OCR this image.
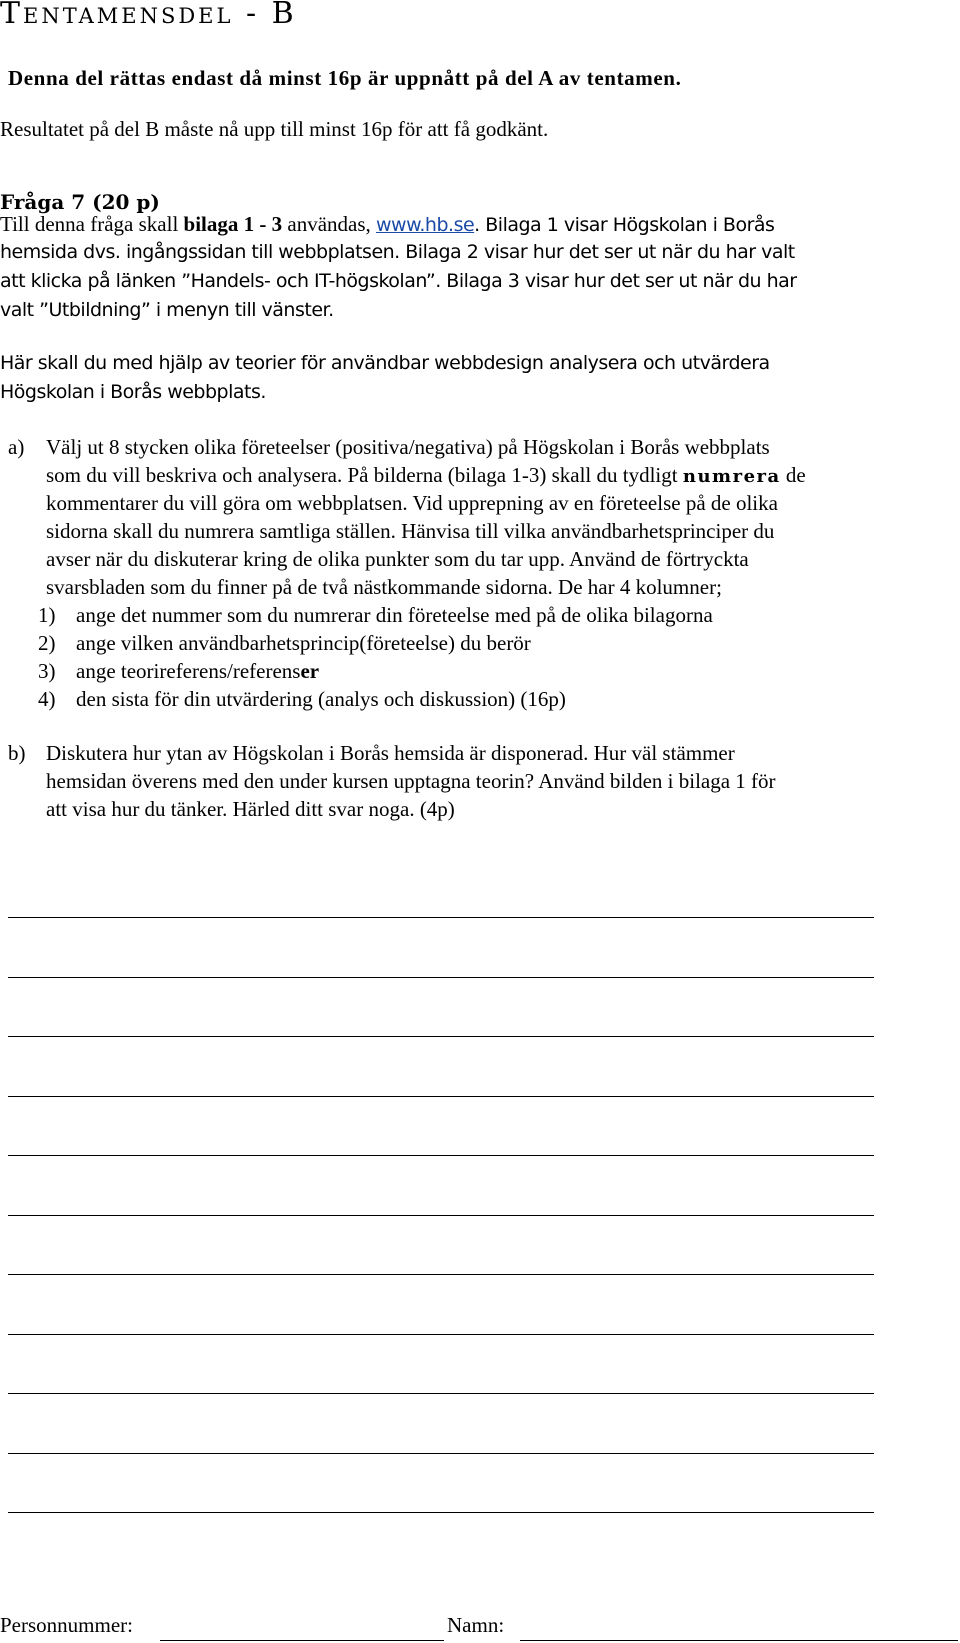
Tentamensdel - B
Denna del rättas endast då minst 16p är uppnått på del A av tentamen.
Resultatet på del B måste nå upp till minst 16p för att få godkänt.
Fråga 7 (20 p)
Till denna fråga skall bilaga 1 - 3 användas, www.hb.se. Bilaga 1 visar Högskolan i Borås
hemsida dvs. ingångssidan till webbplatsen. Bilaga 2 visar hur det ser ut när du har valt
att klicka på länken ”Handels- och IT-högskolan”. Bilaga 3 visar hur det ser ut när du har
valt ”Utbildning” i menyn till vänster.
Här skall du med hjälp av teorier för användbar webbdesign analysera och utvärdera
Högskolan i Borås webbplats.
a) Välj ut 8 stycken olika företeelser (positiva/negativa) på Högskolan i Borås webbplats
som du vill beskriva och analysera. På bilderna (bilaga 1-3) skall du tydligt numrera de
kommentarer du vill göra om webbplatsen. Vid upprepning av en företeelse på de olika
sidorna skall du numrera samtliga ställen. Hänvisa till vilka användbarhetsprinciper du
avser när du diskuterar kring de olika punkter som du tar upp. Använd de förtryckta
svarsbladen som du finner på de två nästkommande sidorna. De har 4 kolumner;
1) ange det nummer som du numrerar din företeelse med på de olika bilagorna
2) ange vilken användbarhetsprincip(företeelse) du berör
3) ange teorireferens/referenser
4) den sista för din utvärdering (analys och diskussion) (16p)
b) Diskutera hur ytan av Högskolan i Borås hemsida är disponerad. Hur väl stämmer
hemsidan överens med den under kursen upptagna teorin? Använd bilden i bilaga 1 för
att visa hur du tänker. Härled ditt svar noga. (4p)
Personnummer:	Namn:
